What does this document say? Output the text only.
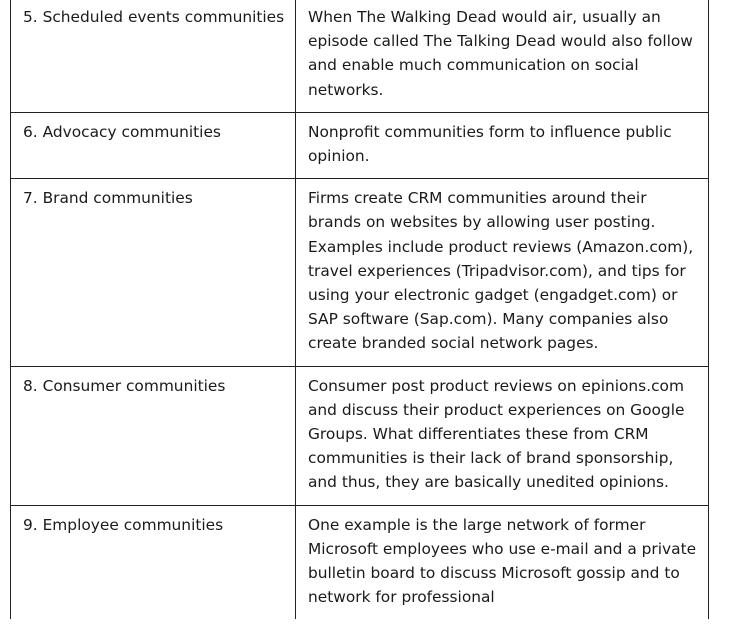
5. Scheduled events communities	When The Walking Dead would air, usually an episode called The Talking Dead would also follow and enable much communication on social networks.
6. Advocacy communities	Nonprofit communities form to influence public opinion.
7. Brand communities	Firms create CRM communities around their brands on websites by allowing user posting. Examples include product reviews (Amazon.com), travel experiences (Tripadvisor.com), and tips for using your electronic gadget (engadget.com) or SAP software (Sap.com). Many companies also create branded social network pages.
8. Consumer communities	Consumer post product reviews on epinions.com and discuss their product experiences on Google Groups. What differentiates these from CRM communities is their lack of brand sponsorship, and thus, they are basically unedited opinions.
9. Employee communities	One example is the large network of former Microsoft employees who use e-mail and a private bulletin board to discuss Microsoft gossip and to network for professional
